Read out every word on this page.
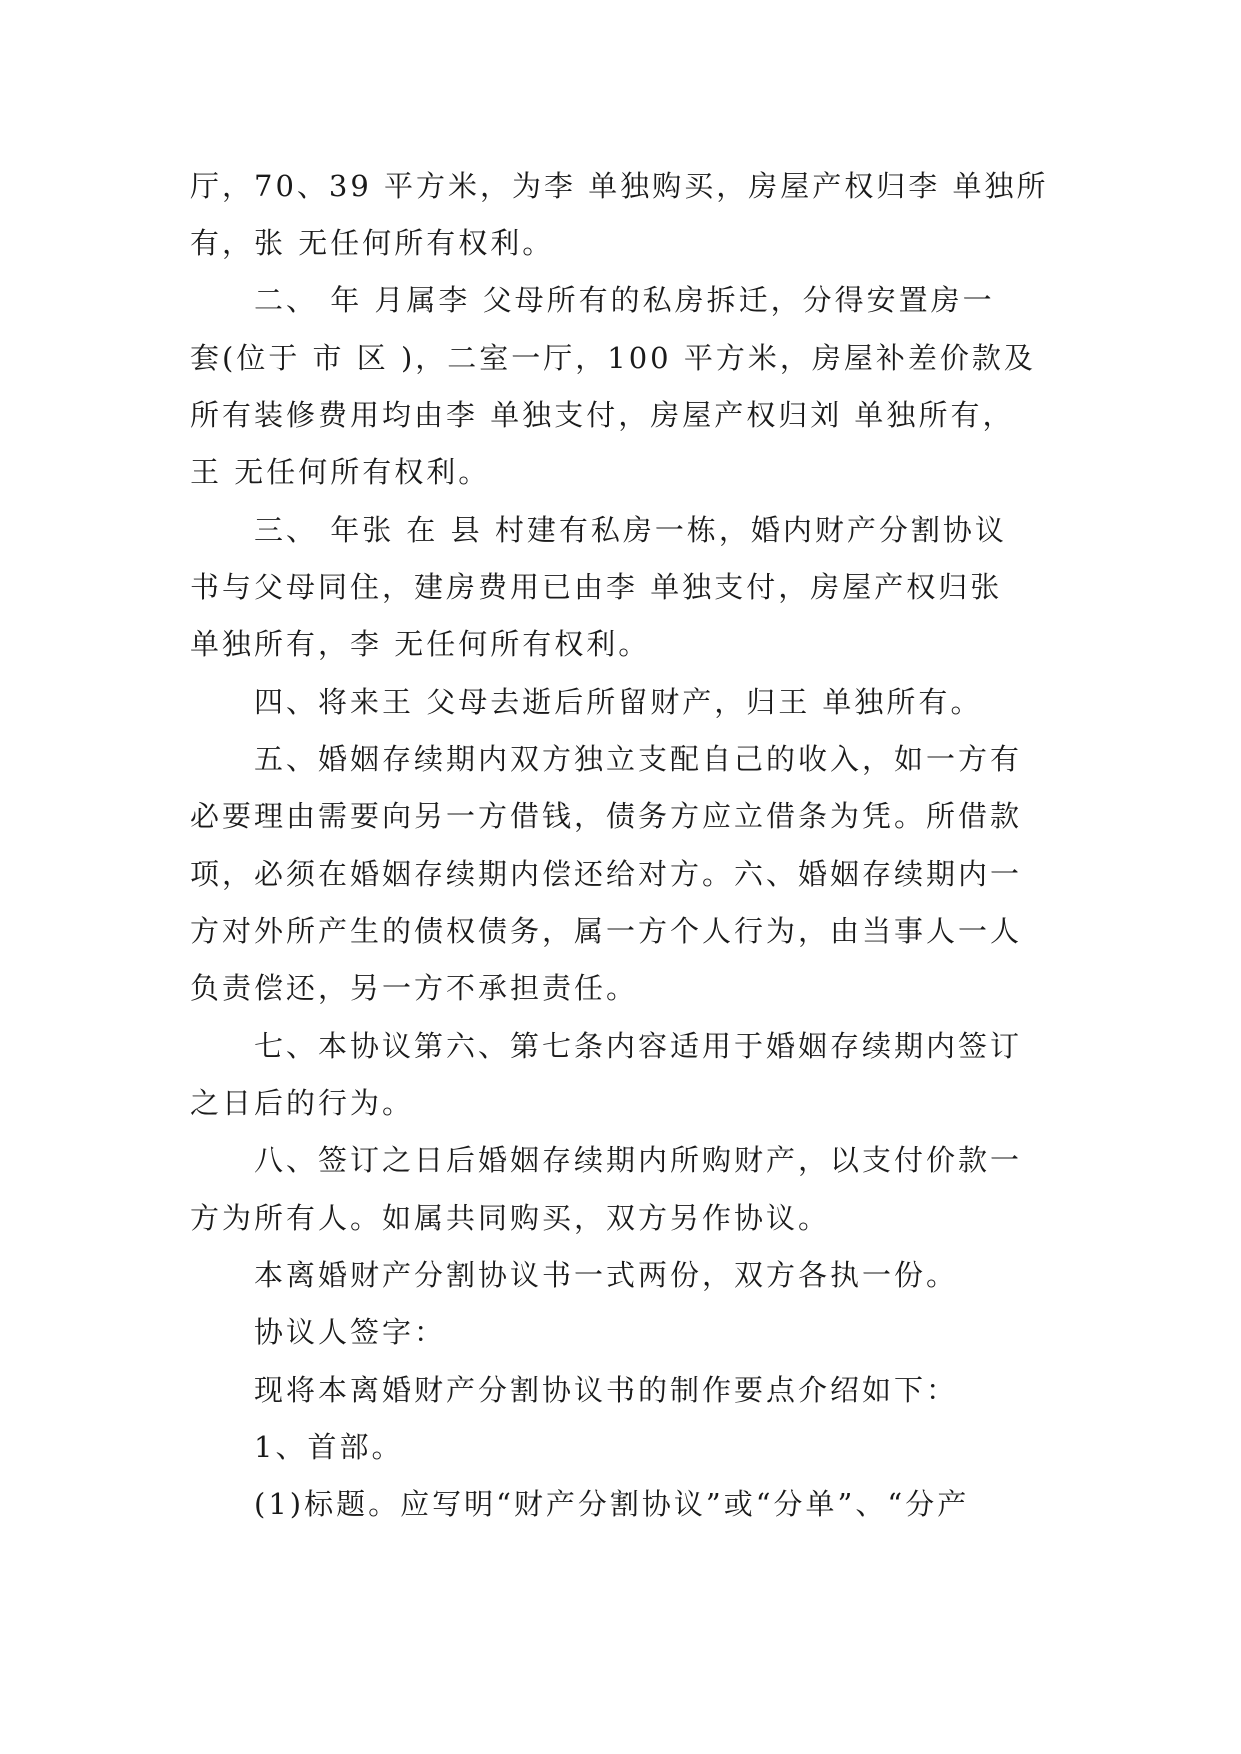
厅，70、39 平方米，为李 单独购买，房屋产权归李 单独所
有，张 无任何所有权利。
二、 年 月属李 父母所有的私房拆迁，分得安置房一
套(位于 市 区 )，二室一厅，100 平方米，房屋补差价款及
所有装修费用均由李 单独支付，房屋产权归刘 单独所有，
王 无任何所有权利。
三、 年张 在 县 村建有私房一栋，婚内财产分割协议
书与父母同住，建房费用已由李 单独支付，房屋产权归张
单独所有，李 无任何所有权利。
四、将来王 父母去逝后所留财产，归王 单独所有。
五、婚姻存续期内双方独立支配自己的收入，如一方有
必要理由需要向另一方借钱，债务方应立借条为凭。所借款
项，必须在婚姻存续期内偿还给对方。六、婚姻存续期内一
方对外所产生的债权债务，属一方个人行为，由当事人一人
负责偿还，另一方不承担责任。
七、本协议第六、第七条内容适用于婚姻存续期内签订
之日后的行为。
八、签订之日后婚姻存续期内所购财产，以支付价款一
方为所有人。如属共同购买，双方另作协议。
本离婚财产分割协议书一式两份，双方各执一份。
协议人签字：
现将本离婚财产分割协议书的制作要点介绍如下：
1、首部。
(1)标题。应写明“财产分割协议”或“分单”、“分产
